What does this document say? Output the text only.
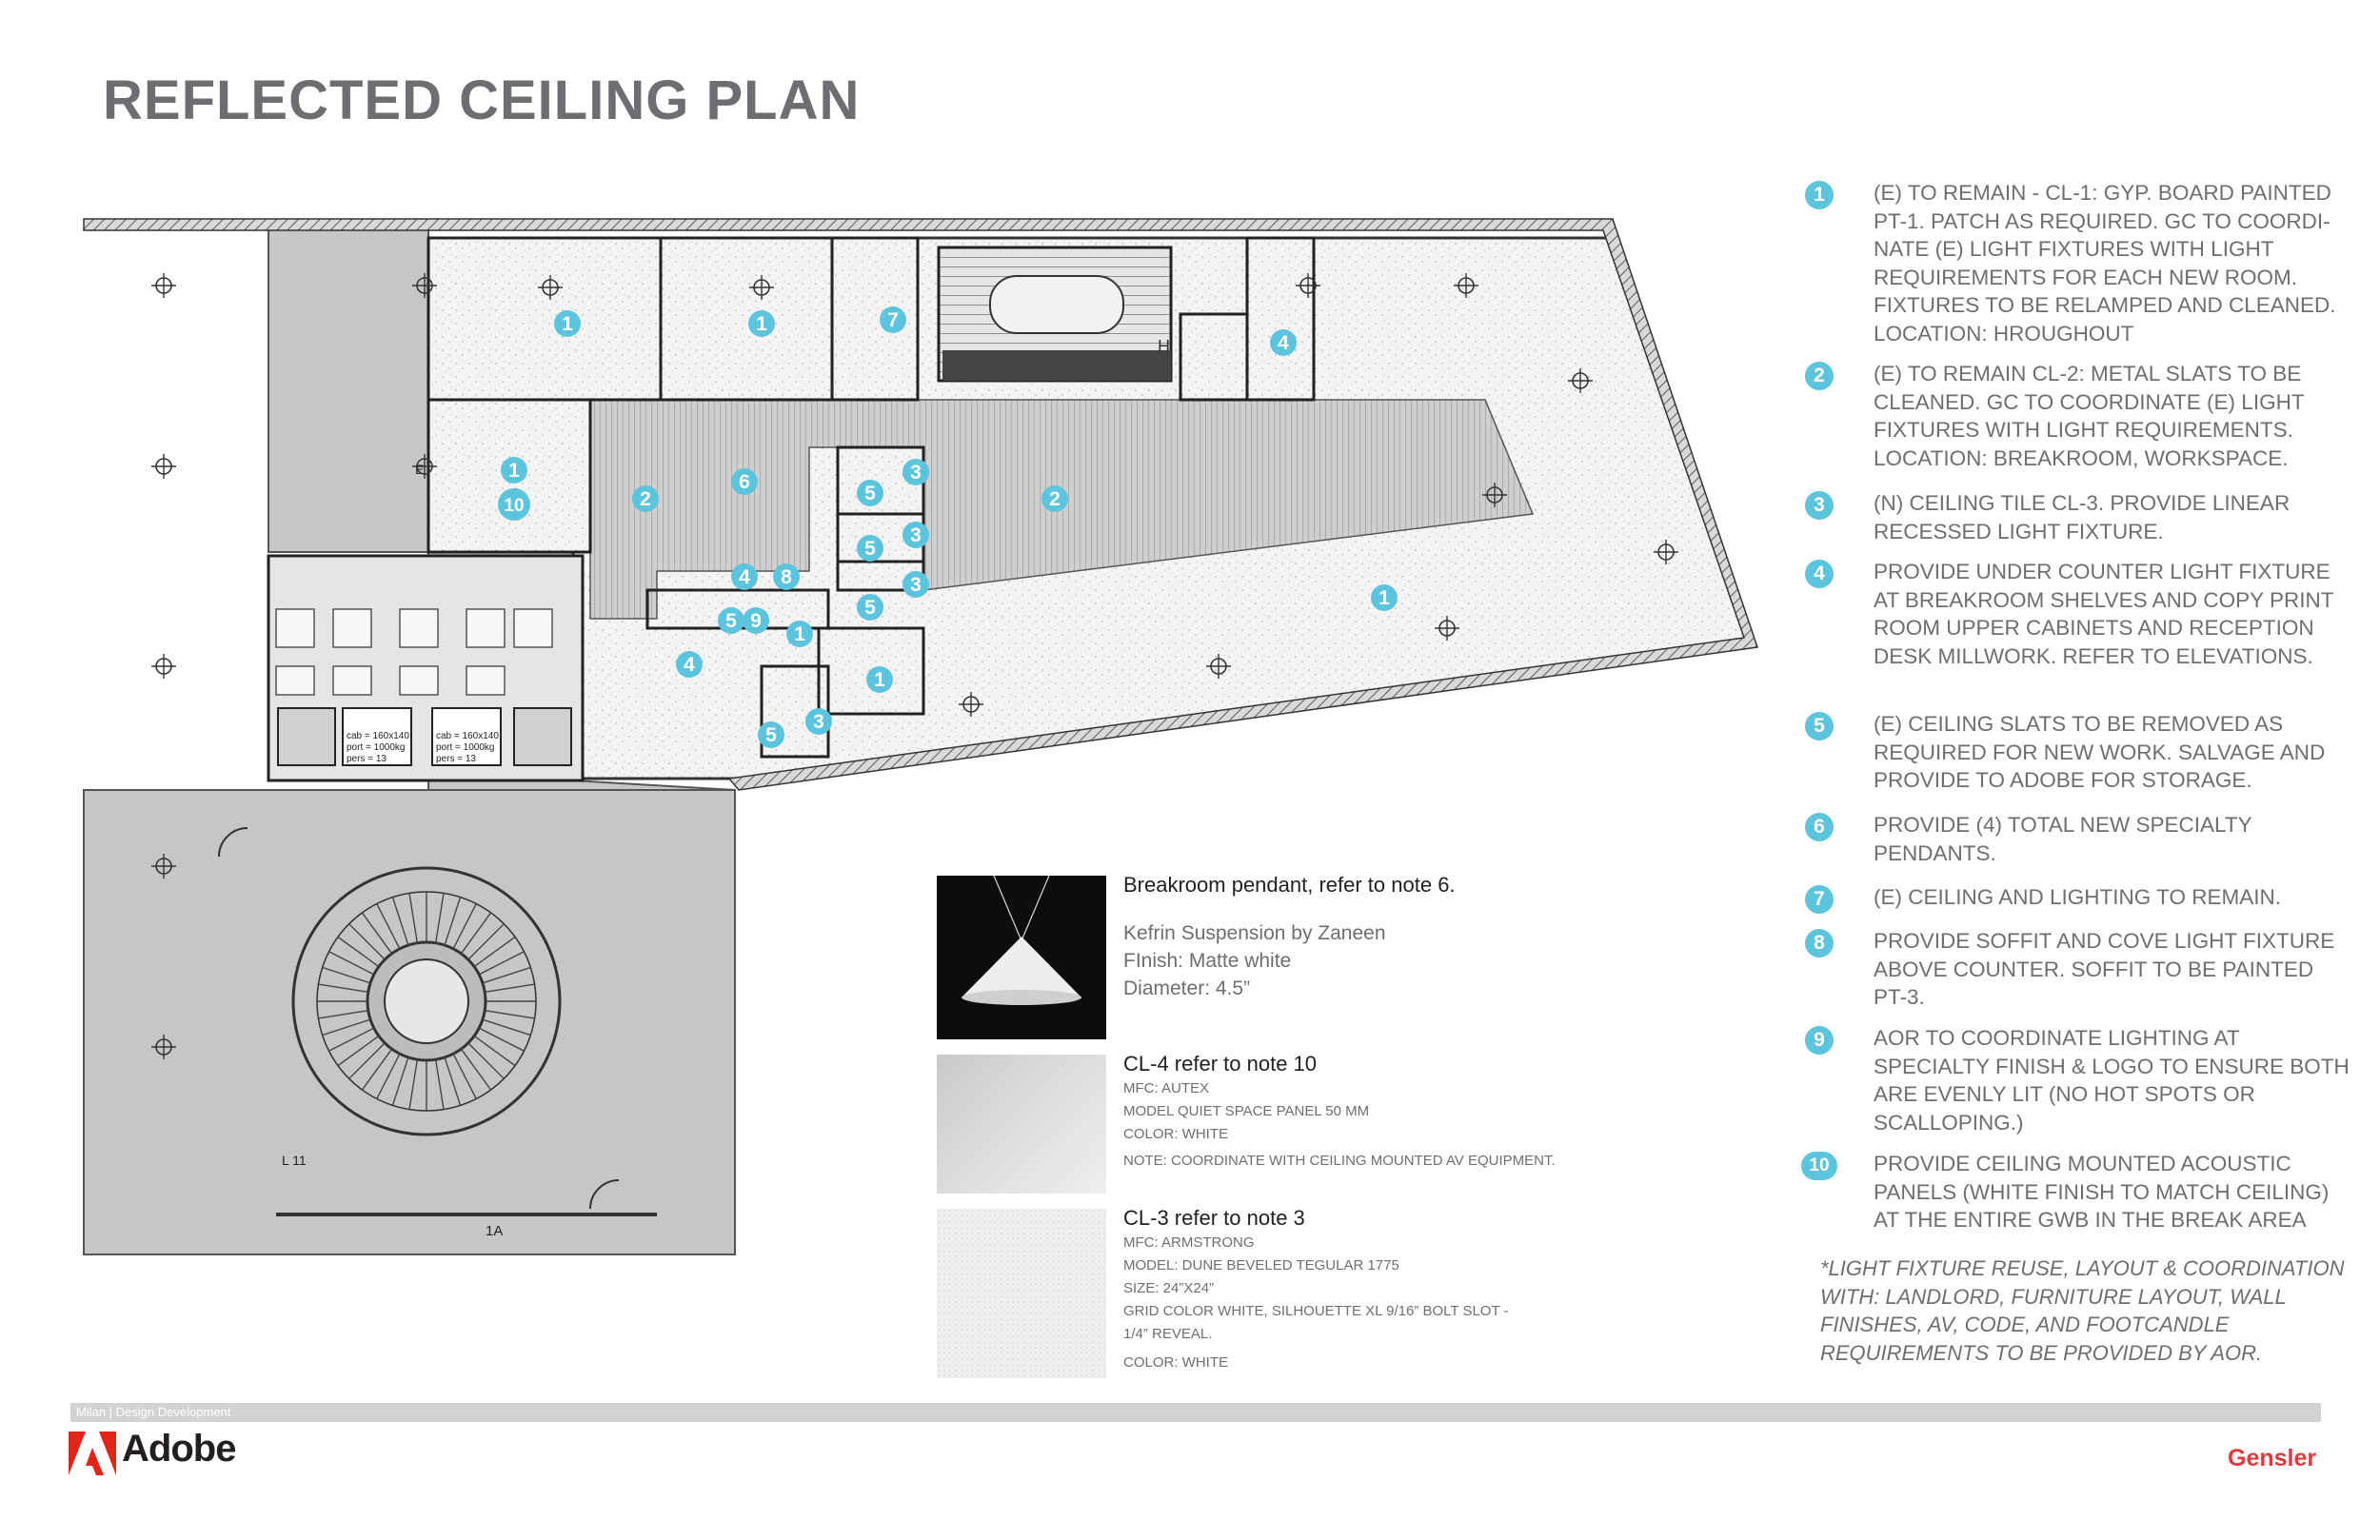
REFLECTED CEILING PLAN
cab = 160x140
port = 1000kg
pers = 13
cab = 160x140
port = 1000kg
pers = 13
L 11
1A
E
H
1	1	7
4
1
10	2
6
2
3
5
3
5
3
5
4 8
5 9
1
4
1
3
5
1
1	(E) TO REMAIN - CL-1: GYP. BOARD PAINTED PT-1. PATCH AS REQUIRED. GC TO COORDI- NATE (E) LIGHT FIXTURES WITH LIGHT REQUIREMENTS FOR EACH NEW ROOM. FIXTURES TO BE RELAMPED AND CLEANED. LOCATION: HROUGHOUT
2	(E) TO REMAIN CL-2: METAL SLATS TO BE CLEANED. GC TO COORDINATE (E) LIGHT FIXTURES WITH LIGHT REQUIREMENTS. LOCATION: BREAKROOM, WORKSPACE.
3	(N) CEILING TILE CL-3. PROVIDE LINEAR RECESSED LIGHT FIXTURE.
4	PROVIDE UNDER COUNTER LIGHT FIXTURE AT BREAKROOM SHELVES AND COPY PRINT ROOM UPPER CABINETS AND RECEPTION DESK MILLWORK. REFER TO ELEVATIONS.
5	(E) CEILING SLATS TO BE REMOVED AS REQUIRED FOR NEW WORK. SALVAGE AND PROVIDE TO ADOBE FOR STORAGE.
6	PROVIDE (4) TOTAL NEW SPECIALTY PENDANTS.
7	(E) CEILING AND LIGHTING TO REMAIN.
8	PROVIDE SOFFIT AND COVE LIGHT FIXTURE ABOVE COUNTER. SOFFIT TO BE PAINTED PT-3.
9	AOR TO COORDINATE LIGHTING AT SPECIALTY FINISH & LOGO TO ENSURE BOTH ARE EVENLY LIT (NO HOT SPOTS OR SCALLOPING.)
10	PROVIDE CEILING MOUNTED ACOUSTIC PANELS (WHITE FINISH TO MATCH CEILING) AT THE ENTIRE GWB IN THE BREAK AREA
*LIGHT FIXTURE REUSE, LAYOUT & COORDINATION WITH: LANDLORD, FURNITURE LAYOUT, WALL FINISHES, AV, CODE, AND FOOTCANDLE REQUIREMENTS TO BE PROVIDED BY AOR.
Breakroom pendant, refer to note 6.
Kefrin Suspension by Zaneen
FInish: Matte white
Diameter: 4.5”
CL-4 refer to note 10
MFC: AUTEX
MODEL QUIET SPACE PANEL 50 MM
COLOR: WHITE
NOTE: COORDINATE WITH CEILING MOUNTED AV EQUIPMENT.
CL-3 refer to note 3
MFC: ARMSTRONG
MODEL: DUNE BEVELED TEGULAR 1775
SIZE: 24”X24”
GRID COLOR WHITE, SILHOUETTE XL 9/16” BOLT SLOT -
1/4” REVEAL.
COLOR: WHITE
Milan | Design Development
Adobe	Gensler
